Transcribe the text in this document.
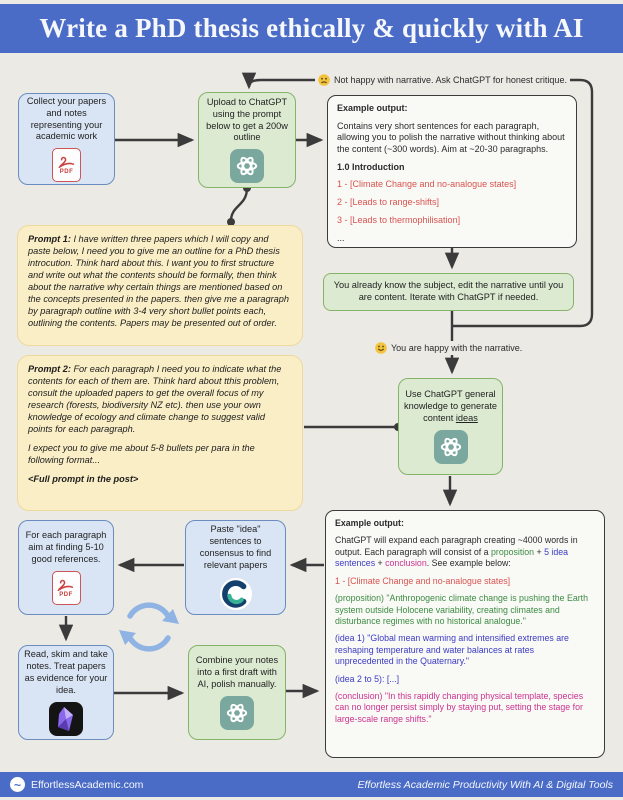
Write a PhD thesis ethically & quickly with AI
Not happy with narrative. Ask ChatGPT for honest critique.
You are happy with the narrative.
Collect your papers and notes representing your academic work
PDF
Upload to ChatGPT using the prompt below to get a 200w outline

Example output:

Contains very short sentences for each paragraph, allowing you to polish the narrative without thinking about the content (~300 words). Aim at ~20-30 paragraphs.

1.0 Introduction

1 - [Climate Change and no-analogue states]

2 - [Leads to range-shifts]

3 - [Leads to thermophilisation]

...

Prompt 1: I have written three papers which I will copy and paste below, I need you to give me an outline for a PhD thesis introcution. Think hard about this. I want you to first structure and write out what the contents should be formally, then think about the narrative why certain things are mentioned based on the concepts presented in the papers. then give me a paragraph by paragraph outline with 3-4 very short bullet points each, outlining the contents. Papers may be presented out of order.

Prompt 2: For each paragraph I need you to indicate what the contents for each of them are. Think hard about tthis problem, consult the uploaded papers to get the overall focus of my research (forests, biodiversity NZ etc). then use your own knowledge of ecology and climate change to suggest valid points for each paragraph.

I expect you to give me about 5-8 bullets per para in the following format...

<Full prompt in the post>

You already know the subject, edit the narrative until you are content. Iterate with ChatGPT if needed.
Use ChatGPT general knowledge to generate content ideas

Example output:

ChatGPT will expand each paragraph creating ~4000 words in output. Each paragraph will consist of a proposition + 5 idea sentences + conclusion. See example below:

1 - [Climate Change and no-analogue states]

(proposition) "Anthropogenic climate change is pushing the Earth system outside Holocene variability, creating climates and disturbance regimes with no historical analogue."

(idea 1) "Global mean warming and intensified extremes are reshaping temperature and water balances at rates unprecedented in the Quaternary."

(idea 2 to 5): [...]

(conclusion) "In this rapidly changing physical template, species can no longer persist simply by staying put, setting the stage for large-scale range shifts."

For each paragraph aim at finding 5-10 good references.
PDF
Paste "idea" sentences to consensus to find relevant papers
Read, skim and take notes. Treat papers as evidence for your idea.
Combine your notes into a first draft with AI, polish manually.
~ EffortlessAcademic.com	Effortless Academic Productivity With AI & Digital Tools
